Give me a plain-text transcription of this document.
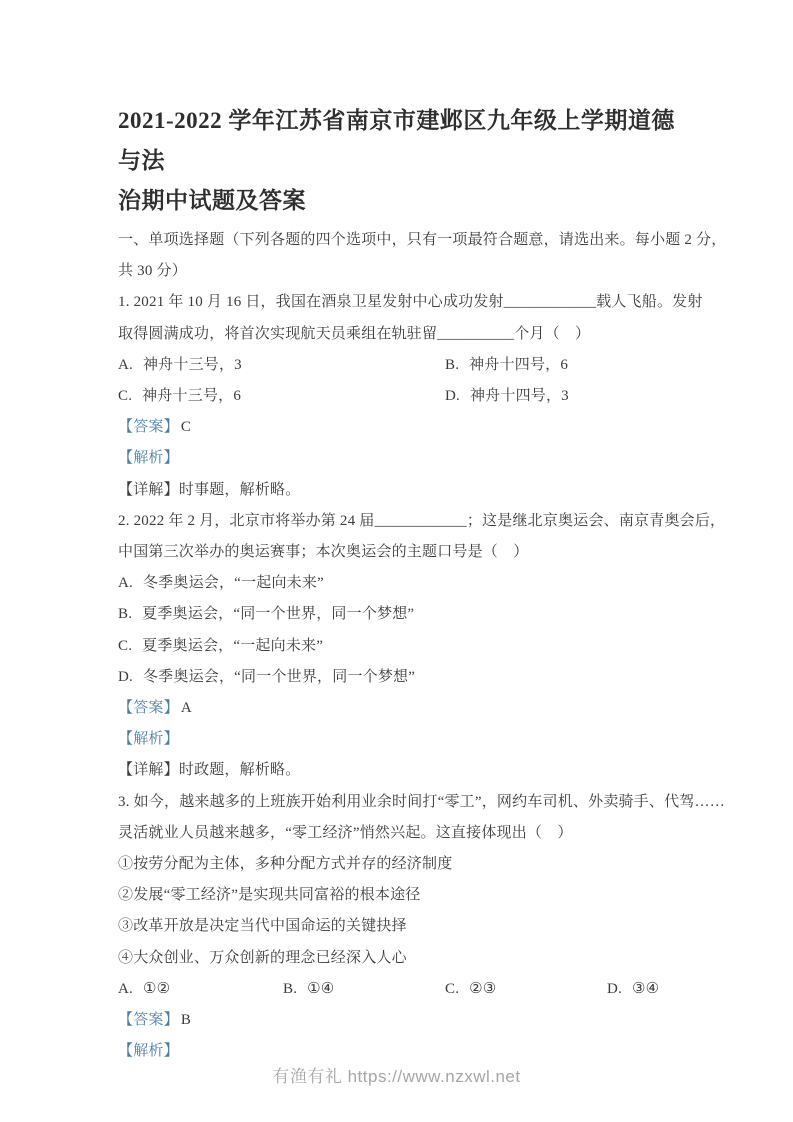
2021-2022 学年江苏省南京市建邺区九年级上学期道德与法
治期中试题及答案
一、单项选择题（下列各题的四个选项中，只有一项最符合题意，请选出来。每小题 2 分，
共 30 分）
1. 2021 年 10 月 16 日，我国在酒泉卫星发射中心成功发射____________载人飞船。发射
取得圆满成功，将首次实现航天员乘组在轨驻留__________个月（　）
A. 神舟十三号，3	B. 神舟十四号，6
C. 神舟十三号，6	D. 神舟十四号，3
【答案】 C
【解析】
【详解】时事题，解析略。
2. 2022 年 2 月，北京市将举办第 24 届____________；这是继北京奥运会、南京青奥会后，
中国第三次举办的奥运赛事；本次奥运会的主题口号是（　）
A. 冬季奥运会，“一起向未来”
B. 夏季奥运会，“同一个世界，同一个梦想”
C. 夏季奥运会，“一起向未来”
D. 冬季奥运会，“同一个世界，同一个梦想”
【答案】 A
【解析】
【详解】时政题，解析略。
3. 如今，越来越多的上班族开始利用业余时间打“零工”，网约车司机、外卖骑手、代驾……
灵活就业人员越来越多，“零工经济”悄然兴起。这直接体现出（　）
①按劳分配为主体，多种分配方式并存的经济制度
②发展“零工经济”是实现共同富裕的根本途径
③改革开放是决定当代中国命运的关键抉择
④大众创业、万众创新的理念已经深入人心
A. ①②	B. ①④	C. ②③	D. ③④
【答案】 B
【解析】
有渔有礼 https://www.nzxwl.net
